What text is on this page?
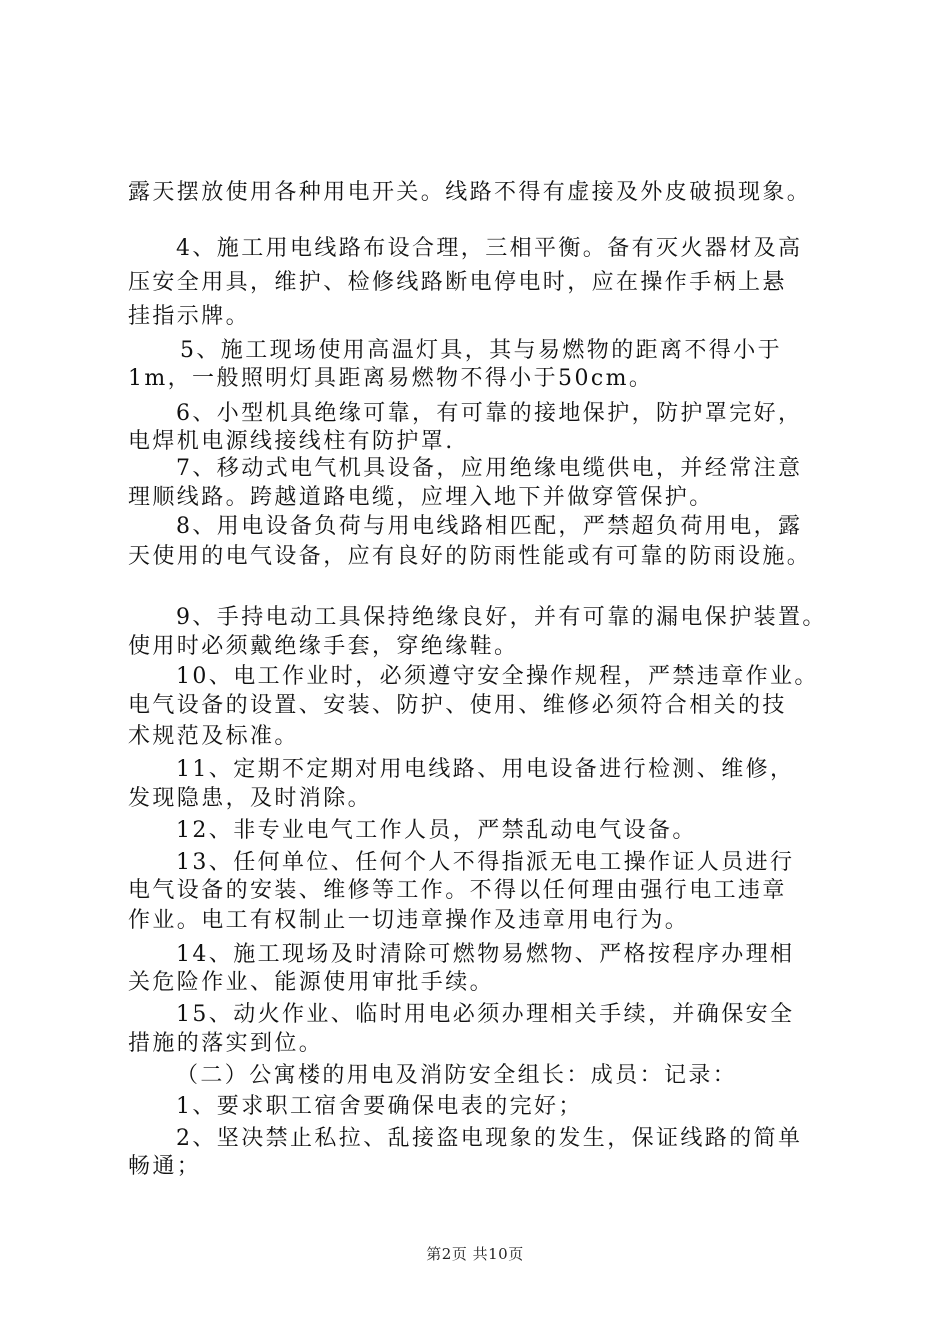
露天摆放使用各种用电开关。线路不得有虚接及外皮破损现象。
4、施工用电线路布设合理，三相平衡。备有灭火器材及高
压安全用具，维护、检修线路断电停电时，应在操作手柄上悬
挂指示牌。
5、施工现场使用高温灯具，其与易燃物的距离不得小于
1m，一般照明灯具距离易燃物不得小于50cm。
6、小型机具绝缘可靠，有可靠的接地保护，防护罩完好，
电焊机电源线接线柱有防护罩.
7、移动式电气机具设备，应用绝缘电缆供电，并经常注意
理顺线路。跨越道路电缆，应埋入地下并做穿管保护。
8、用电设备负荷与用电线路相匹配，严禁超负荷用电，露
天使用的电气设备，应有良好的防雨性能或有可靠的防雨设施。
9、手持电动工具保持绝缘良好，并有可靠的漏电保护装置。
使用时必须戴绝缘手套，穿绝缘鞋。
10、电工作业时，必须遵守安全操作规程，严禁违章作业。
电气设备的设置、安装、防护、使用、维修必须符合相关的技
术规范及标准。
11、定期不定期对用电线路、用电设备进行检测、维修，
发现隐患，及时消除。
12、非专业电气工作人员，严禁乱动电气设备。
13、任何单位、任何个人不得指派无电工操作证人员进行
电气设备的安装、维修等工作。不得以任何理由强行电工违章
作业。电工有权制止一切违章操作及违章用电行为。
14、施工现场及时清除可燃物易燃物、严格按程序办理相
关危险作业、能源使用审批手续。
15、动火作业、临时用电必须办理相关手续，并确保安全
措施的落实到位。
（二）公寓楼的用电及消防安全组长：成员：记录：
1、要求职工宿舍要确保电表的完好；
2、坚决禁止私拉、乱接盗电现象的发生，保证线路的简单
畅通；
第2页 共10页
